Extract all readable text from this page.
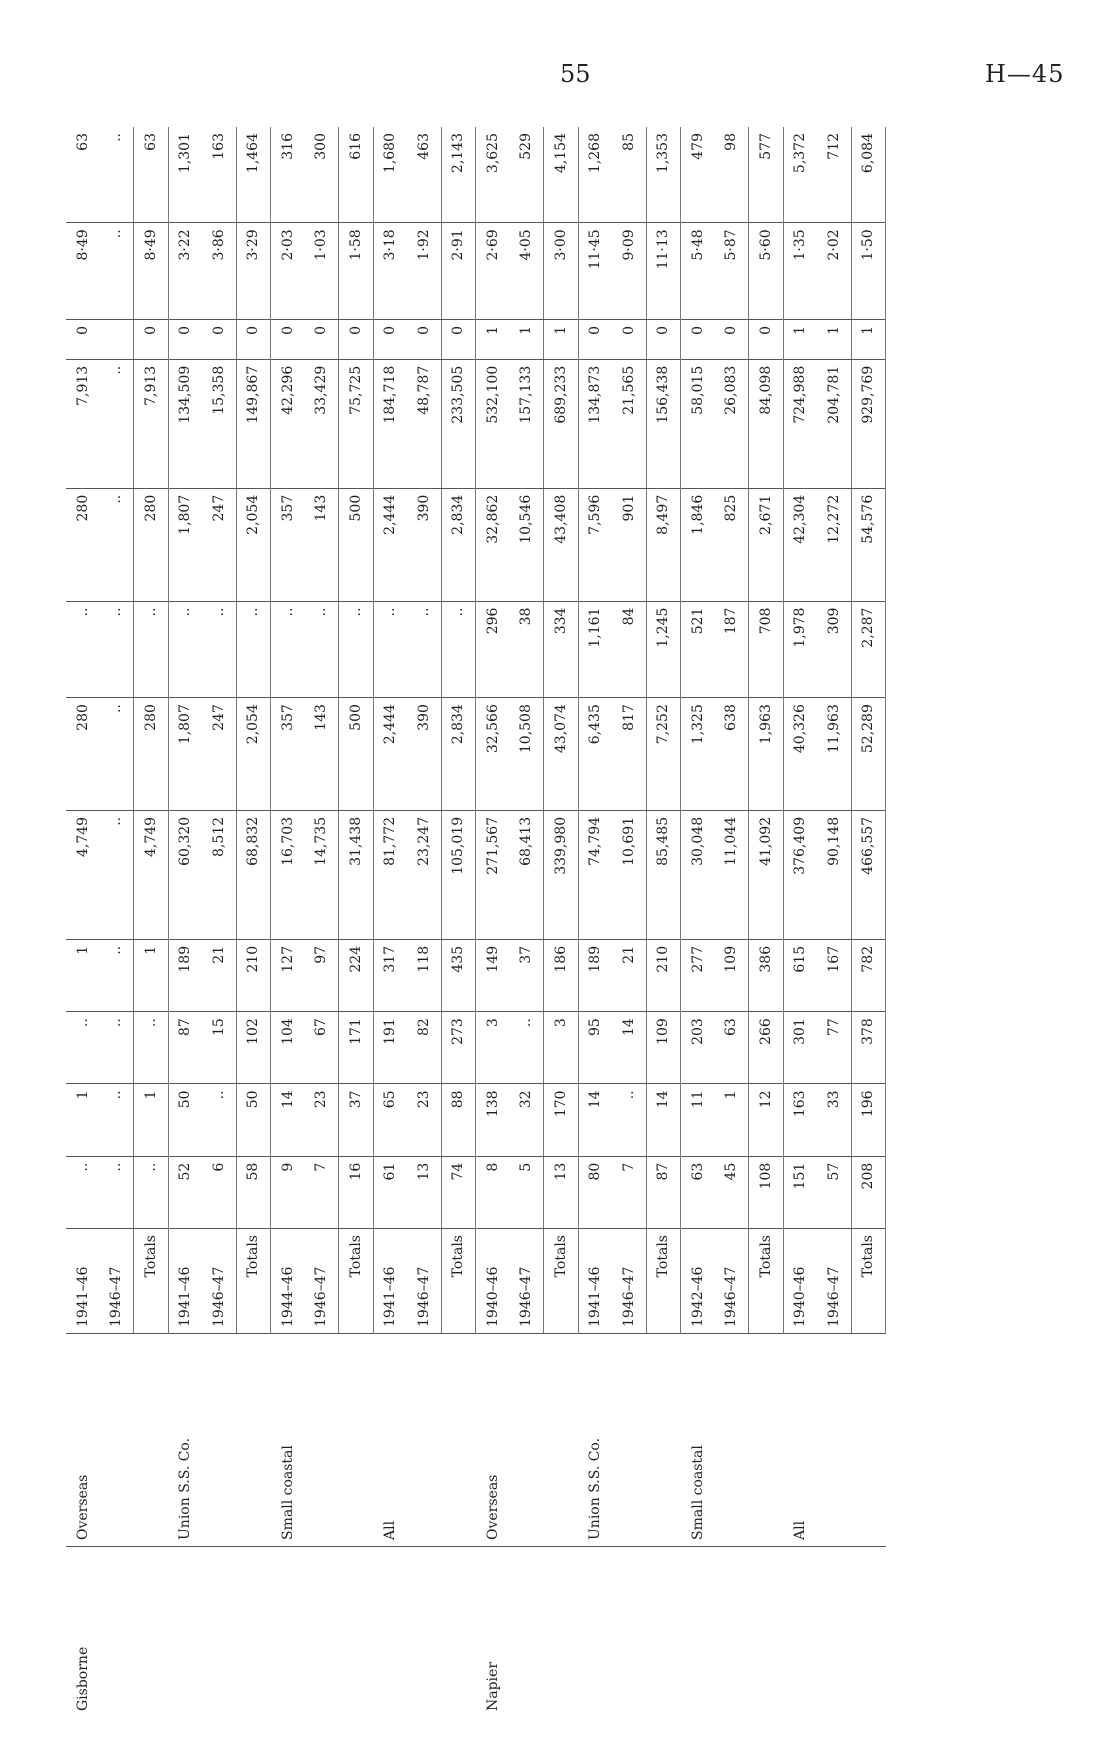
55	H—45
Gisborne	Overseas	1941–46	..	1	..	1	4,749	280	..	280	7,913	0	8·49	63
		1946–47	..	..	..	..	..	..	..	..	..		..	..
		Totals	..	1	..	1	4,749	280	..	280	7,913	0	8·49	63
	Union S.S. Co.	1941–46	52	50	87	189	60,320	1,807	..	1,807	134,509	0	3·22	1,301
		1946–47	6	..	15	21	8,512	247	..	247	15,358	0	3·86	163
		Totals	58	50	102	210	68,832	2,054	..	2,054	149,867	0	3·29	1,464
	Small coastal	1944–46	9	14	104	127	16,703	357	..	357	42,296	0	2·03	316
		1946–47	7	23	67	97	14,735	143	..	143	33,429	0	1·03	300
		Totals	16	37	171	224	31,438	500	..	500	75,725	0	1·58	616
	All	1941–46	61	65	191	317	81,772	2,444	..	2,444	184,718	0	3·18	1,680
		1946–47	13	23	82	118	23,247	390	..	390	48,787	0	1·92	463
		Totals	74	88	273	435	105,019	2,834	..	2,834	233,505	0	2·91	2,143
Napier	Overseas	1940–46	8	138	3	149	271,567	32,566	296	32,862	532,100	1	2·69	3,625
		1946–47	5	32	..	37	68,413	10,508	38	10,546	157,133	1	4·05	529
		Totals	13	170	3	186	339,980	43,074	334	43,408	689,233	1	3·00	4,154
	Union S.S. Co.	1941–46	80	14	95	189	74,794	6,435	1,161	7,596	134,873	0	11·45	1,268
		1946–47	7	..	14	21	10,691	817	84	901	21,565	0	9·09	85
		Totals	87	14	109	210	85,485	7,252	1,245	8,497	156,438	0	11·13	1,353
	Small coastal	1942–46	63	11	203	277	30,048	1,325	521	1,846	58,015	0	5·48	479
		1946–47	45	1	63	109	11,044	638	187	825	26,083	0	5·87	98
		Totals	108	12	266	386	41,092	1,963	708	2,671	84,098	0	5·60	577
	All	1940–46	151	163	301	615	376,409	40,326	1,978	42,304	724,988	1	1·35	5,372
		1946–47	57	33	77	167	90,148	11,963	309	12,272	204,781	1	2·02	712
		Totals	208	196	378	782	466,557	52,289	2,287	54,576	929,769	1	1·50	6,084
